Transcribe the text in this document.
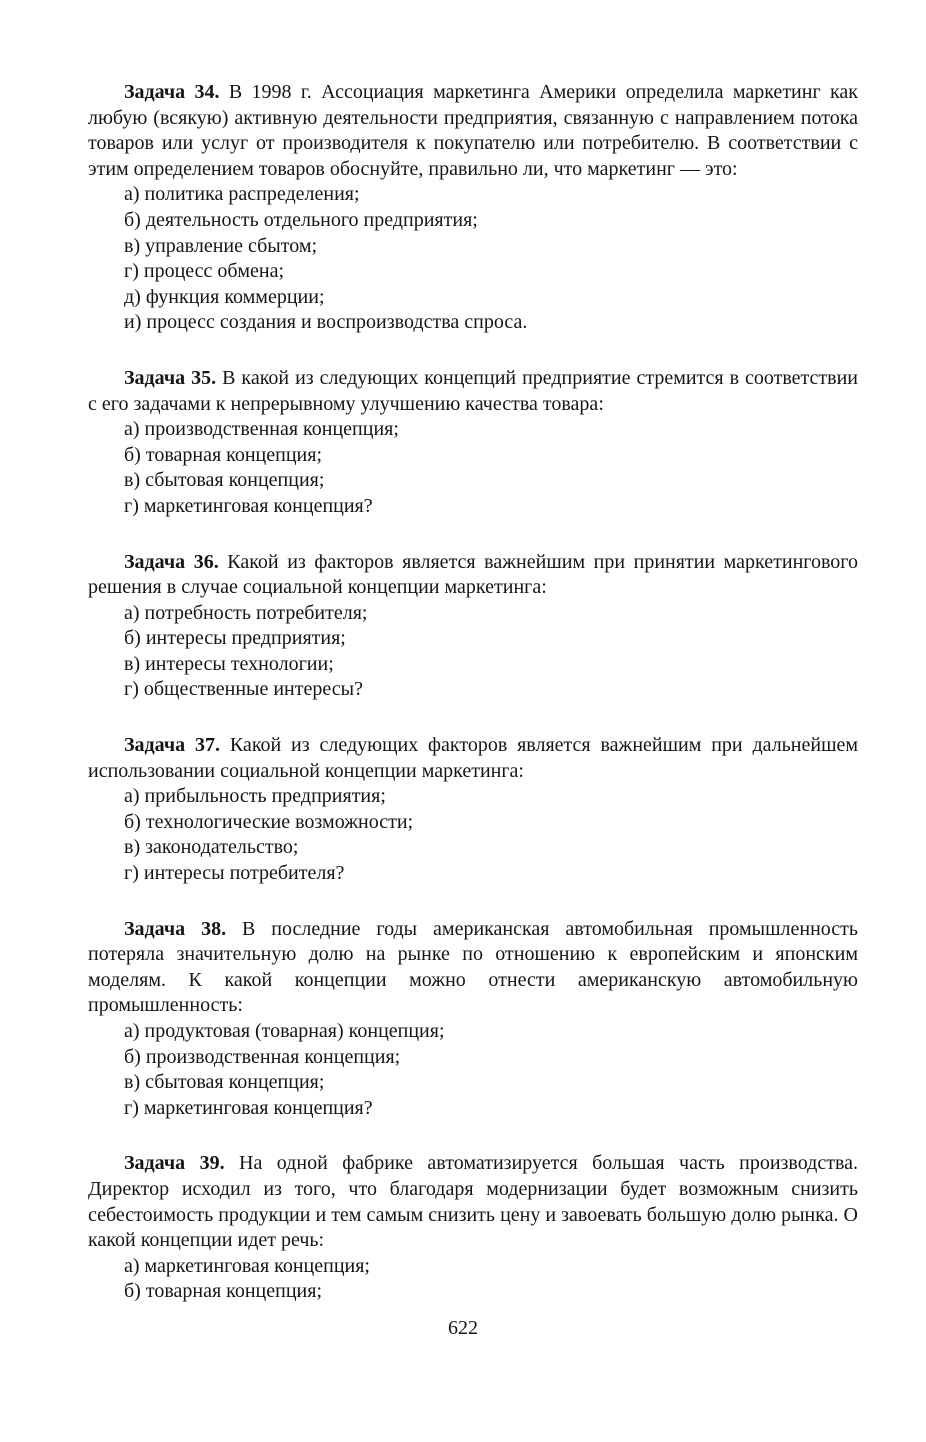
Задача 34. В 1998 г. Ассоциация маркетинга Америки определила маркетинг как любую (всякую) активную деятельности предприятия, связанную с направлением потока товаров или услуг от производителя к покупателю или потребителю. В соответствии с этим определением товаров обоснуйте, правильно ли, что маркетинг — это:

а) политика распределения;
б) деятельность отдельного предприятия;
в) управление сбытом;
г) процесс обмена;
д) функция коммерции;
и) процесс создания и воспроизводства спроса.

Задача 35. В какой из следующих концепций предприятие стремится в соответствии с его задачами к непрерывному улучшению качества товара:

а) производственная концепция;
б) товарная концепция;
в) сбытовая концепция;
г) маркетинговая концепция?

Задача 36. Какой из факторов является важнейшим при принятии маркетингового решения в случае социальной концепции маркетинга:

а) потребность потребителя;
б) интересы предприятия;
в) интересы технологии;
г) общественные интересы?

Задача 37. Какой из следующих факторов является важнейшим при дальнейшем использовании социальной концепции маркетинга:

а) прибыльность предприятия;
б) технологические возможности;
в) законодательство;
г) интересы потребителя?

Задача 38. В последние годы американская автомобильная промышленность потеряла значительную долю на рынке по отношению к европейским и японским моделям. К какой концепции можно отнести американскую автомобильную промышленность:

а) продуктовая (товарная) концепция;
б) производственная концепция;
в) сбытовая концепция;
г) маркетинговая концепция?

Задача 39. На одной фабрике автоматизируется большая часть производства. Директор исходил из того, что благодаря модернизации будет возможным снизить себестоимость продукции и тем самым снизить цену и завоевать большую долю рынка. О какой концепции идет речь:

а) маркетинговая концепция;
б) товарная концепция;
622
